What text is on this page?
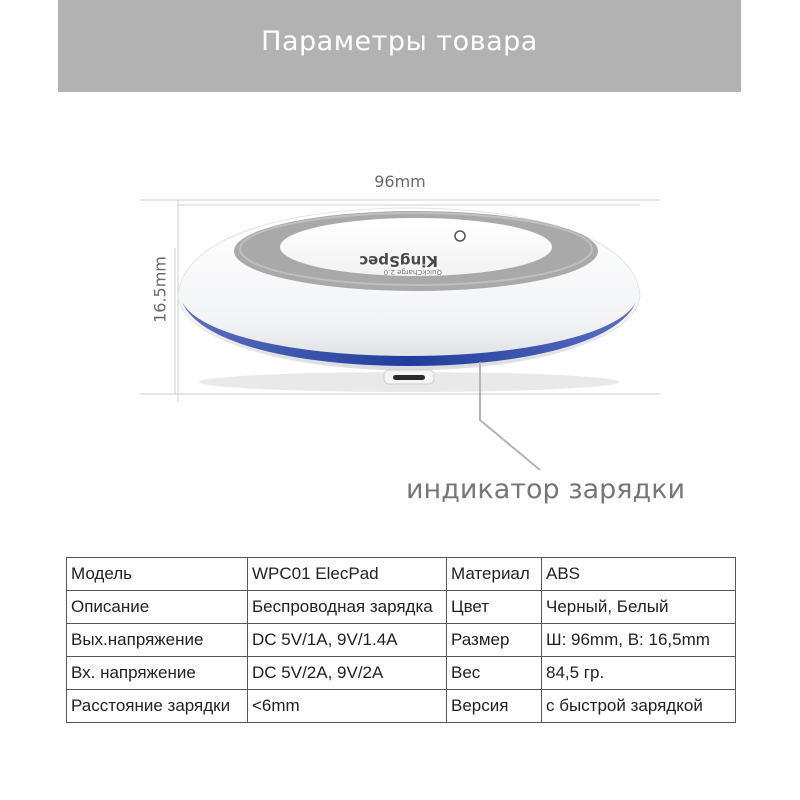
Параметры товара
KingSpec
QuickCharge 2.0
96mm
16.5mm
индикатор зарядки
Модель	WPC01 ElecPad	Материал	ABS
Описание	Беспроводная зарядка	Цвет	Черный, Белый
Вых.напряжение	DC 5V/1A, 9V/1.4A	Размер	Ш: 96mm, В: 16,5mm
Вх. напряжение	DC 5V/2A, 9V/2A	Вес	84,5 гр.
Расстояние зарядки	<6mm	Версия	с быстрой зарядкой
